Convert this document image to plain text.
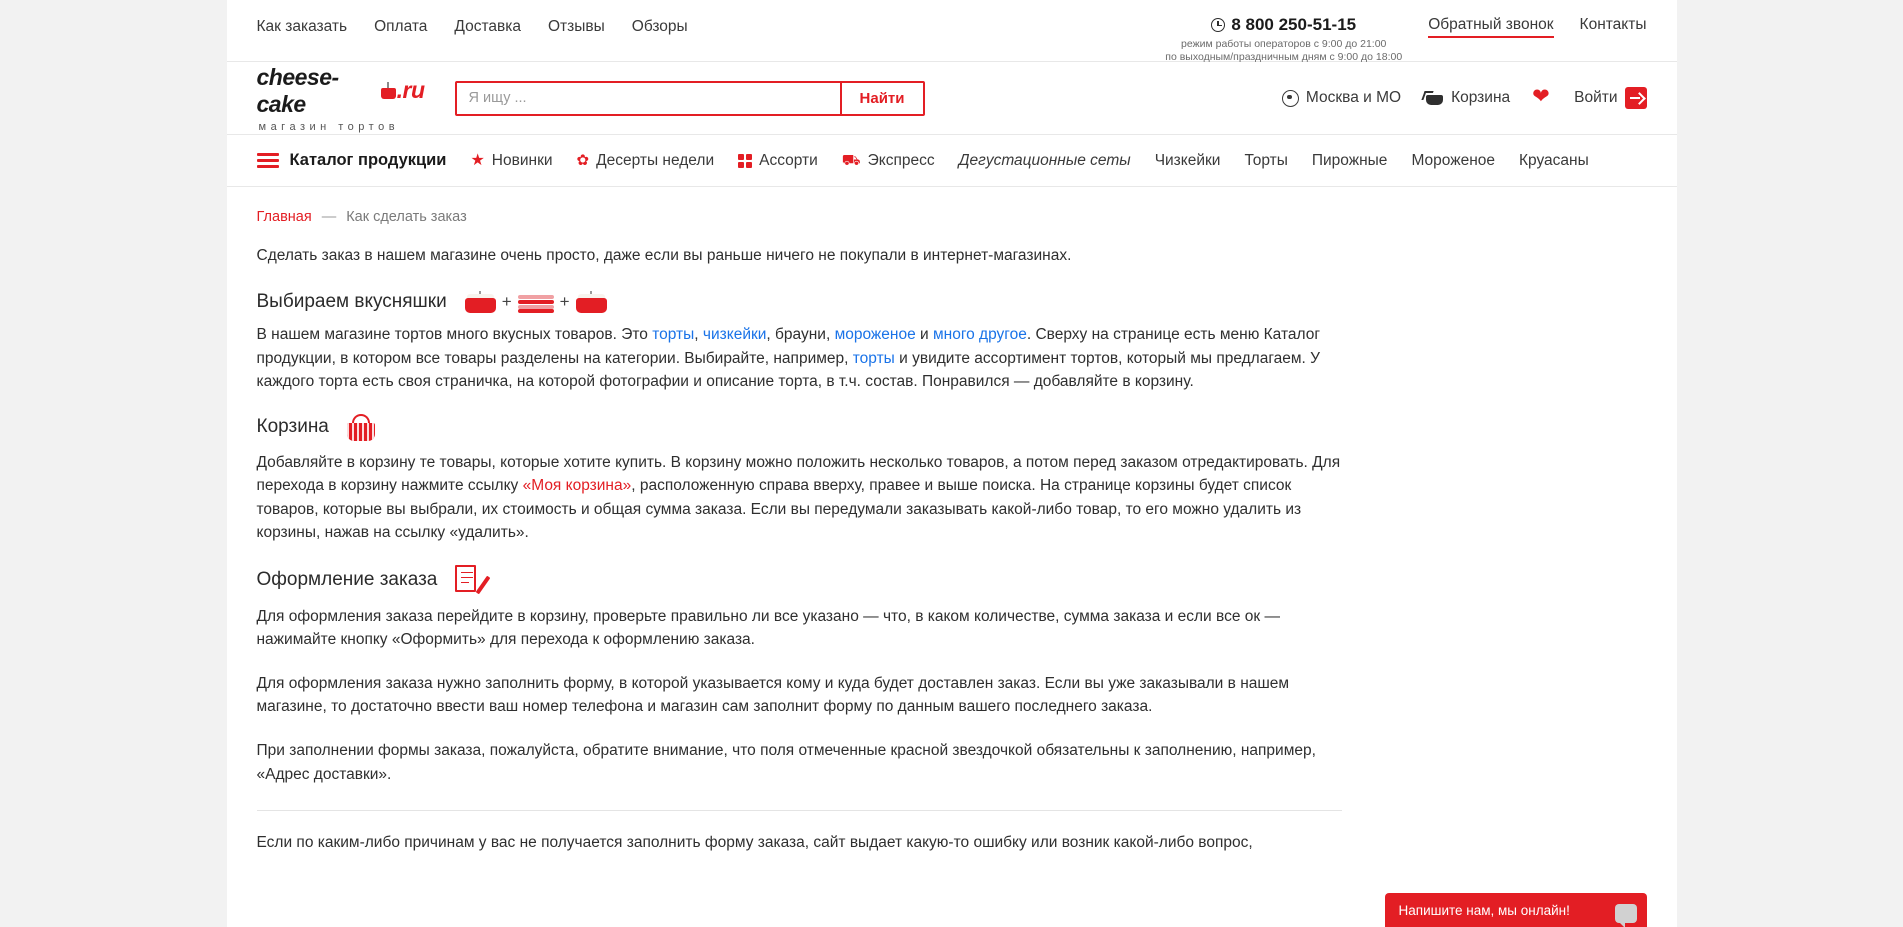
Как заказать Оплата Доставка Отзывы Обзоры	8 800 250-51-15
режим работы операторов с 9:00 до 21:00
по выходным/праздничным дням с 9:00 до 18:00
Обратный звонок Контакты
cheese-cake
.ru
магазин тортов
Я ищу ...
Найти	Москва и МО	Корзина ❤ Войти
Каталог продукции ★ Новинки ✿ Десерты недели	Ассорти ⛟ Экспресс Дегустационные сеты Чизкейки Торты Пирожные Мороженое Круасаны
Главная — Как сделать заказ

Сделать заказ в нашем магазине очень просто, даже если вы раньше ничего не покупали в интернет-магазинах.

Выбираем вкусняшки	+	+

В нашем магазине тортов много вкусных товаров. Это торты, чизкейки, брауни, мороженое и много другое. Сверху на странице есть меню Каталог продукции, в котором все товары разделены на категории. Выбирайте, например, торты и увидите ассортимент тортов, который мы предлагаем. У каждого торта есть своя страничка, на которой фотографии и описание торта, в т.ч. состав. Понравился — добавляйте в корзину.

Корзина

Добавляйте в корзину те товары, которые хотите купить. В корзину можно положить несколько товаров, а потом перед заказом отредактировать. Для перехода в корзину нажмите ссылку «Моя корзина», расположенную справа вверху, правее и выше поиска. На странице корзины будет список товаров, которые вы выбрали, их стоимость и общая сумма заказа. Если вы передумали заказывать какой-либо товар, то его можно удалить из корзины, нажав на ссылку «удалить».

Оформление заказа

Для оформления заказа перейдите в корзину, проверьте правильно ли все указано — что, в каком количестве, сумма заказа и если все ок — нажимайте кнопку «Оформить» для перехода к оформлению заказа.

Для оформления заказа нужно заполнить форму, в которой указывается кому и куда будет доставлен заказ. Если вы уже заказывали в нашем магазине, то достаточно ввести ваш номер телефона и магазин сам заполнит форму по данным вашего последнего заказа.

При заполнении формы заказа, пожалуйста, обратите внимание, что поля отмеченные красной звездочкой обязательны к заполнению, например, «Адрес доставки».

Если по каким-либо причинам у вас не получается заполнить форму заказа, сайт выдает какую-то ошибку или возник какой-либо вопрос,

Напишите нам, мы онлайн!
